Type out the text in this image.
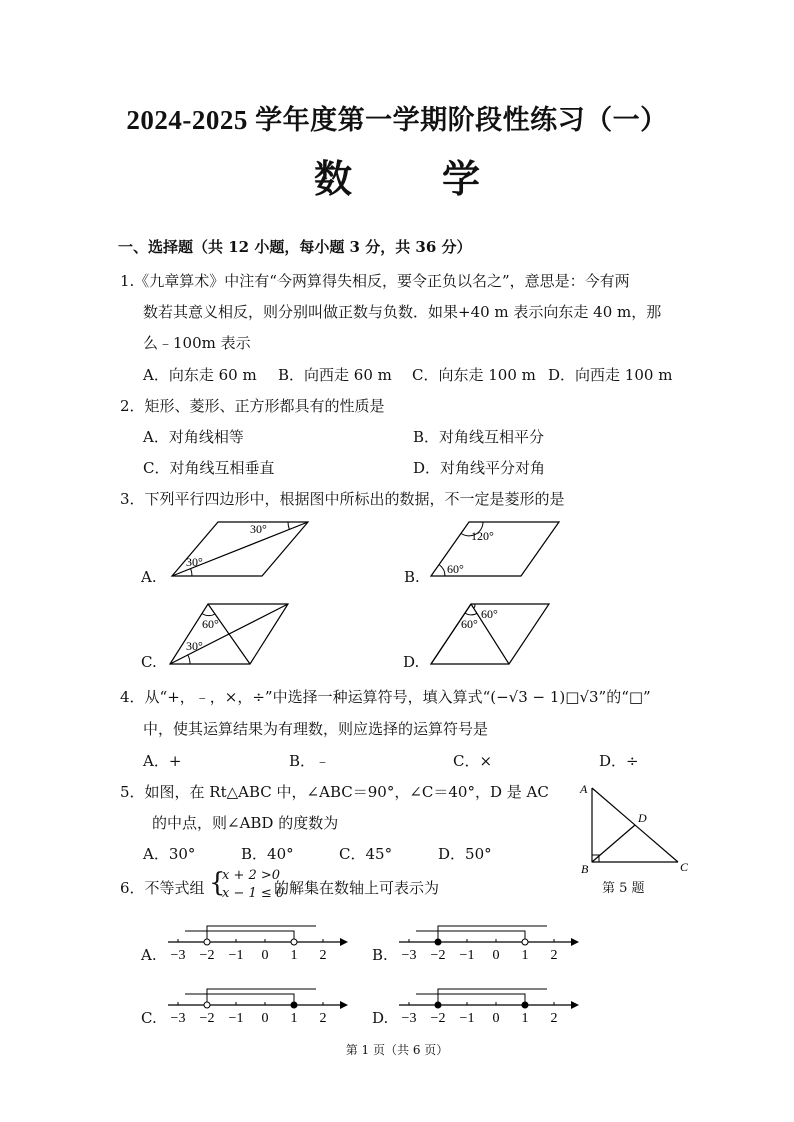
2024-2025 学年度第一学期阶段性练习（一）
数　学
一、选择题（共 12 小题，每小题 3 分，共 36 分）
1.《九章算术》中注有“今两算得失相反，要令正负以名之”，意思是：今有两
数若其意义相反，则分别叫做正数与负数．如果+40 m 表示向东走 40 m，那
么﹣100m 表示
A．向东走 60 m B．向西走 60 m C．向东走 100 m D．向西走 100 m
2．矩形、菱形、正方形都具有的性质是
A．对角线相等	B．对角线互相平分
C．对角线互相垂直	D．对角线平分对角
3．下列平行四边形中，根据图中所标出的数据，不一定是菱形的是
A.
30°
30°
B. 60°
120°
C.
60°
30°
D.
60°
60°
4．从“+，﹣，×，÷”中选择一种运算符号，填入算式“(−√3 − 1)□√3”的“□”
中，使其运算结果为有理数，则应选择的运算符号是
A．+	B．﹣	C．×	D．÷
5．如图，在 Rt△ABC 中，∠ABC＝90°，∠C＝40°，D 是 AC
的中点，则∠ABD 的度数为
A．30°	B．40°	C．45°	D．50°
A
B	C
D
第 5 题
6．不等式组 {
x + 2 >0
x − 1 ≤ 0
的解集在数轴上可表示为
A. −3 −2 −1 0 1 2	B. −3 −2 −1 0 1 2
C. −3 −2 −1 0 1 2	D. −3 −2 −1 0 1 2
第 1 页（共 6 页）
